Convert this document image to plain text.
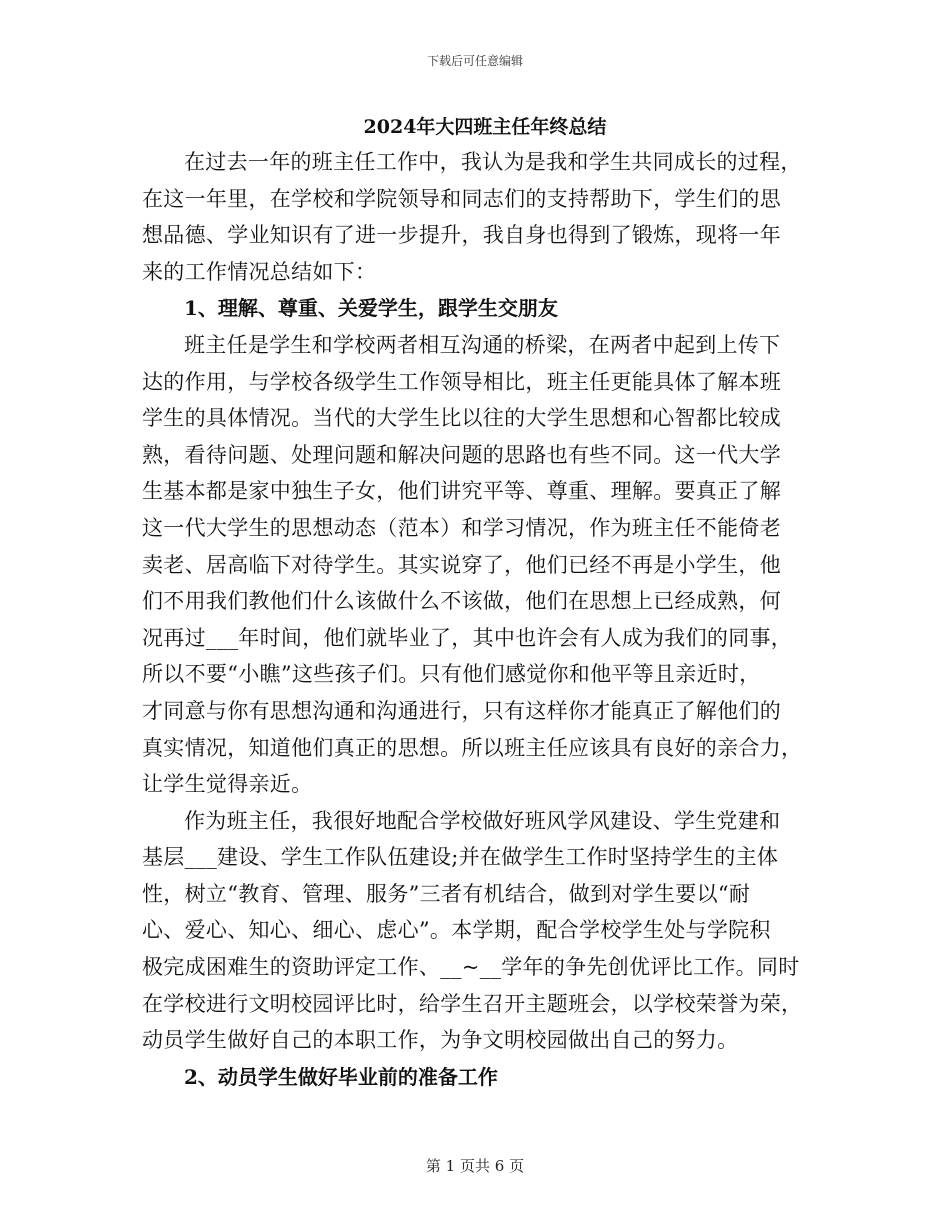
下载后可任意编辑
2024年大四班主任年终总结

在过去一年的班主任工作中，我认为是我和学生共同成长的过程，
在这一年里，在学校和学院领导和同志们的支持帮助下，学生们的思
想品德、学业知识有了进一步提升，我自身也得到了锻炼，现将一年
来的工作情况总结如下：

1、理解、尊重、关爱学生，跟学生交朋友

班主任是学生和学校两者相互沟通的桥梁，在两者中起到上传下
达的作用，与学校各级学生工作领导相比，班主任更能具体了解本班
学生的具体情况。当代的大学生比以往的大学生思想和心智都比较成
熟，看待问题、处理问题和解决问题的思路也有些不同。这一代大学
生基本都是家中独生子女，他们讲究平等、尊重、理解。要真正了解
这一代大学生的思想动态（范本）和学习情况，作为班主任不能倚老
卖老、居高临下对待学生。其实说穿了，他们已经不再是小学生，他
们不用我们教他们什么该做什么不该做，他们在思想上已经成熟，何
况再过___年时间，他们就毕业了，其中也许会有人成为我们的同事，
所以不要“小瞧”这些孩子们。只有他们感觉你和他平等且亲近时，
才同意与你有思想沟通和沟通进行，只有这样你才能真正了解他们的
真实情况，知道他们真正的思想。所以班主任应该具有良好的亲合力，
让学生觉得亲近。

作为班主任，我很好地配合学校做好班风学风建设、学生党建和
基层___建设、学生工作队伍建设;并在做学生工作时坚持学生的主体
性，树立“教育、管理、服务”三者有机结合，做到对学生要以“耐
心、爱心、知心、细心、虑心”。本学期，配合学校学生处与学院积
极完成困难生的资助评定工作、__~__学年的争先创优评比工作。同时
在学校进行文明校园评比时，给学生召开主题班会，以学校荣誉为荣，
动员学生做好自己的本职工作，为争文明校园做出自己的努力。

2、动员学生做好毕业前的准备工作

第 1 页共 6 页
